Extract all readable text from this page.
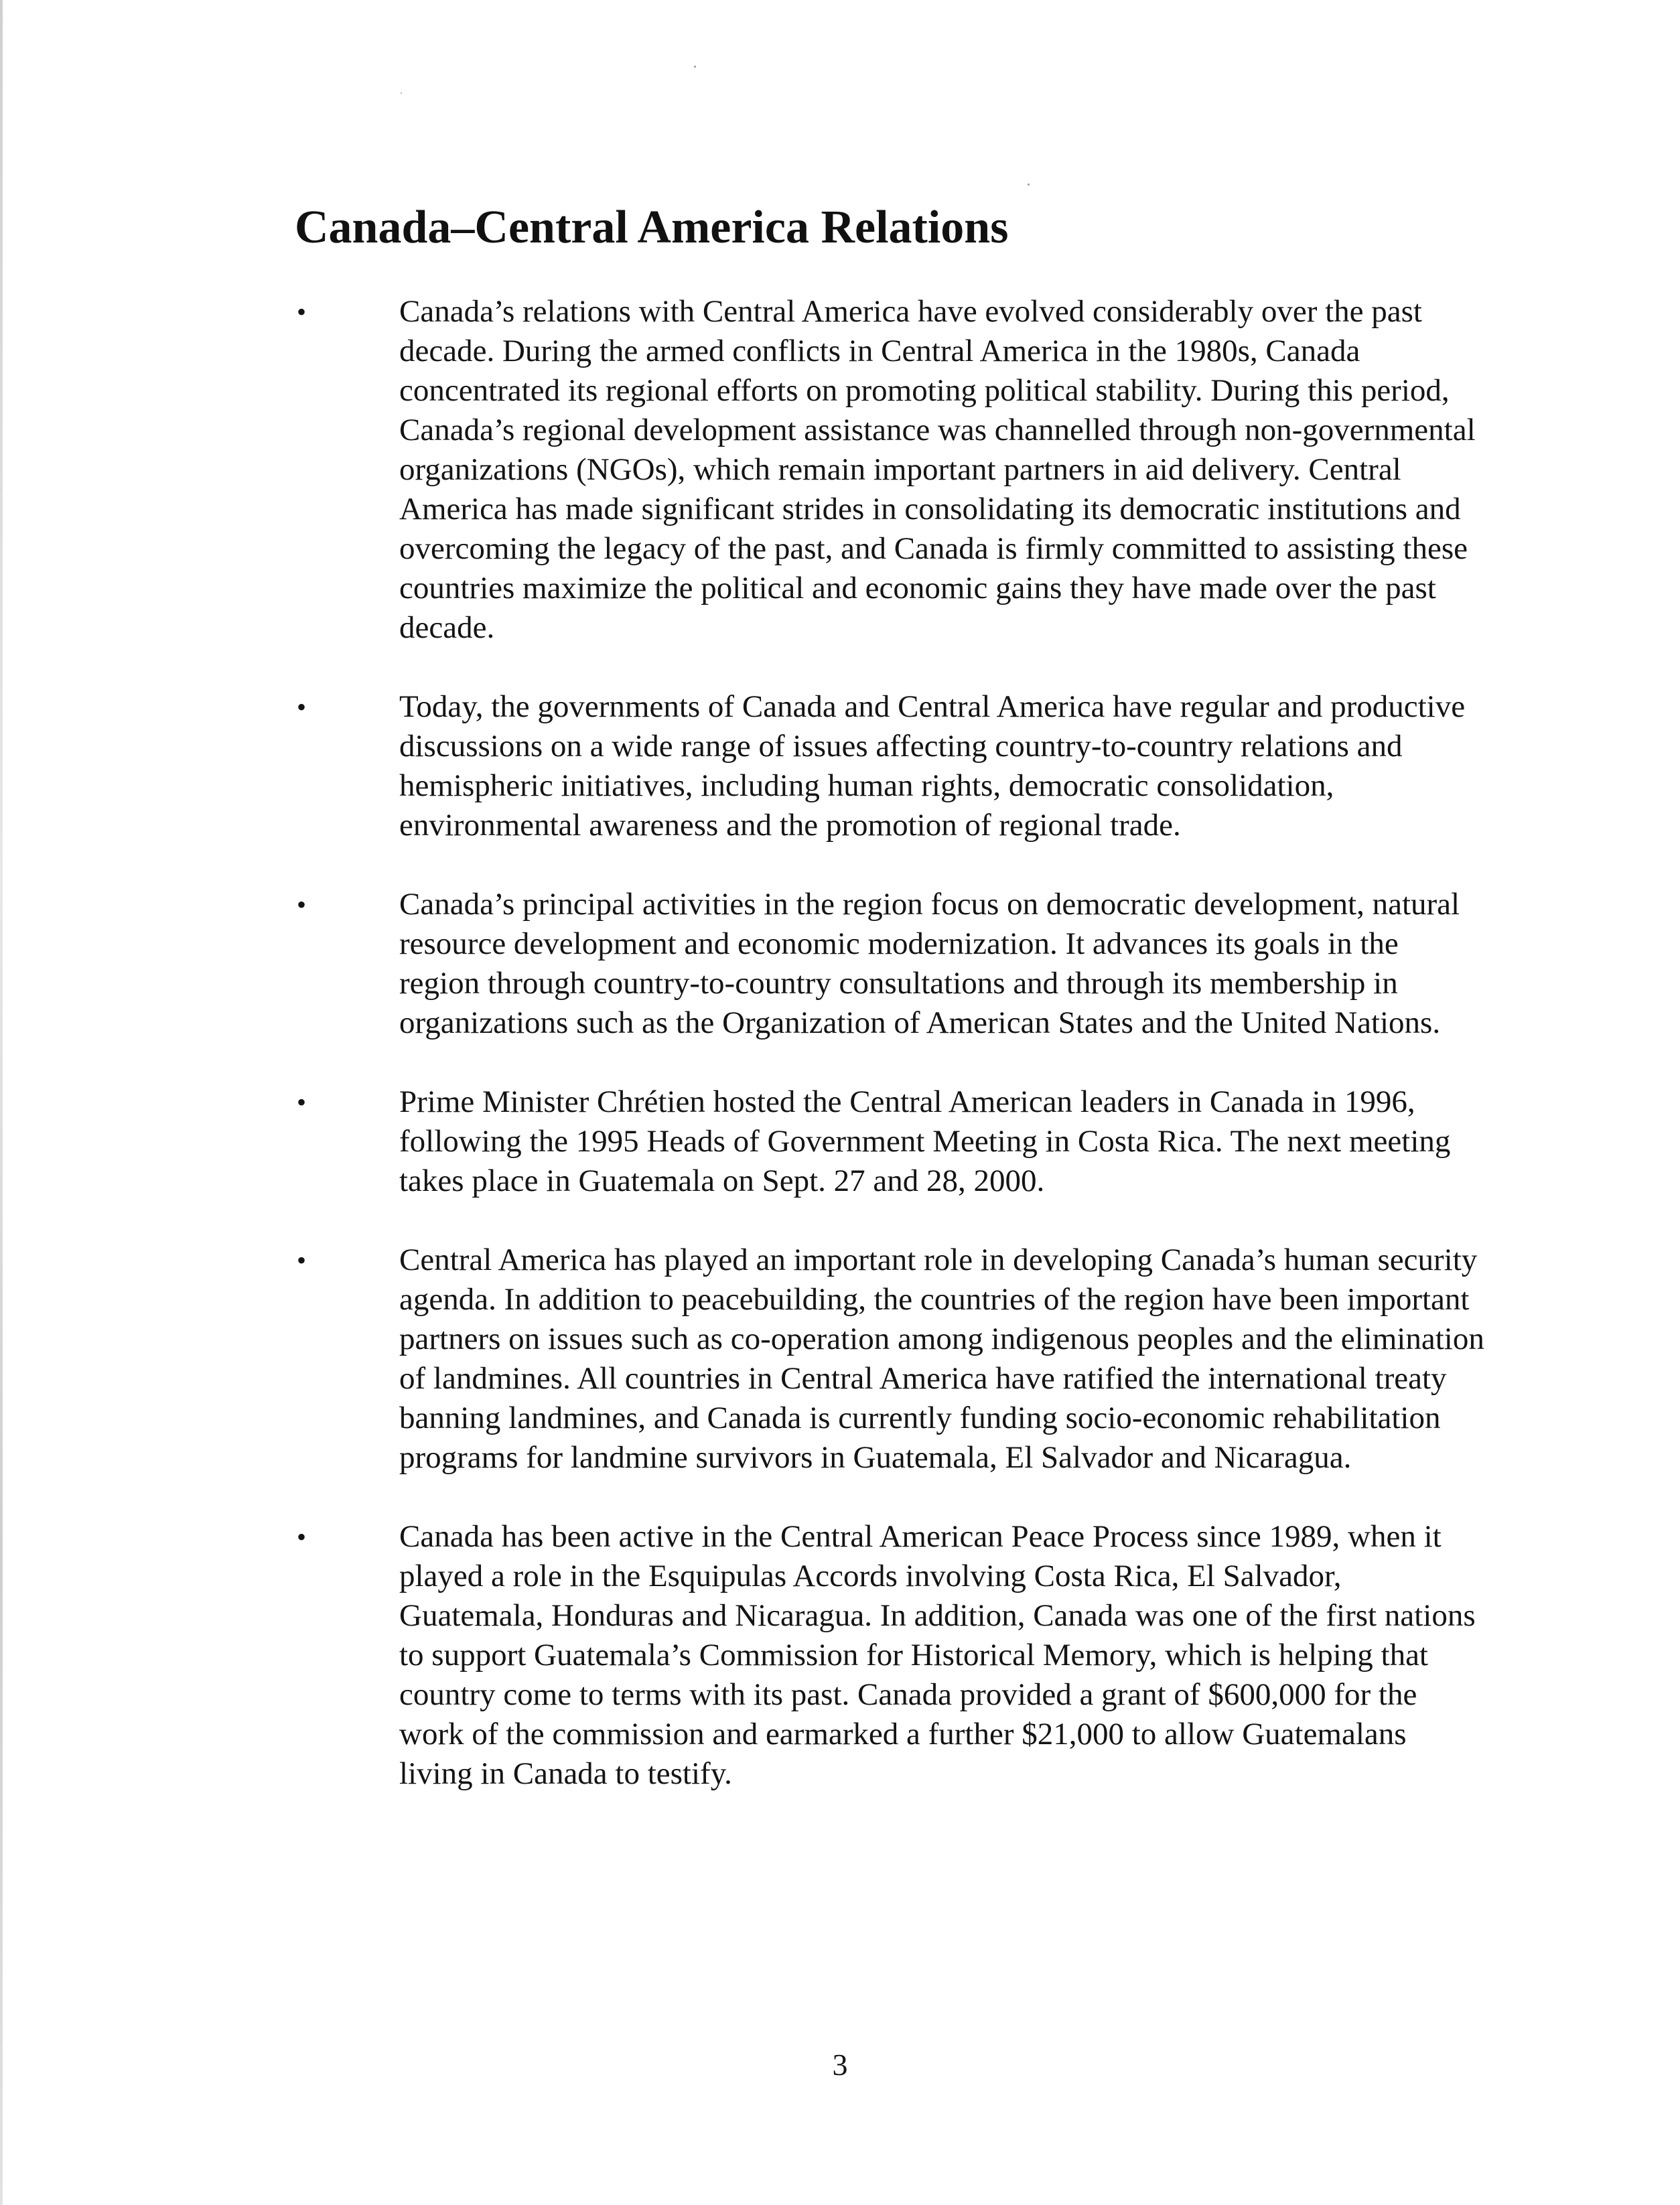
Canada–Central America Relations
•	Canada’s relations with Central America have evolved considerably over the past decade. During the armed conflicts in Central America in the 1980s, Canada concentrated its regional efforts on promoting political stability. During this period, Canada’s regional development assistance was channelled through non-governmental organizations (NGOs), which remain important partners in aid delivery. Central America has made significant strides in consolidating its democratic institutions and overcoming the legacy of the past, and Canada is firmly committed to assisting these countries maximize the political and economic gains they have made over the past decade.

•	Today, the governments of Canada and Central America have regular and productive discussions on a wide range of issues affecting country-to-country relations and hemispheric initiatives, including human rights, democratic consolidation, environmental awareness and the promotion of regional trade.

•	Canada’s principal activities in the region focus on democratic development, natural resource development and economic modernization. It advances its goals in the region through country-to-country consultations and through its membership in organizations such as the Organization of American States and the United Nations.

•	Prime Minister Chrétien hosted the Central American leaders in Canada in 1996, following the 1995 Heads of Government Meeting in Costa Rica. The next meeting takes place in Guatemala on Sept. 27 and 28, 2000.

•	Central America has played an important role in developing Canada’s human security agenda. In addition to peacebuilding, the countries of the region have been important partners on issues such as co-operation among indigenous peoples and the elimination of landmines. All countries in Central America have ratified the international treaty banning landmines, and Canada is currently funding socio-economic rehabilitation programs for landmine survivors in Guatemala, El Salvador and Nicaragua.

•	Canada has been active in the Central American Peace Process since 1989, when it played a role in the Esquipulas Accords involving Costa Rica, El Salvador, Guatemala, Honduras and Nicaragua. In addition, Canada was one of the first nations to support Guatemala’s Commission for Historical Memory, which is helping that country come to terms with its past. Canada provided a grant of $600,000 for the work of the commission and earmarked a further $21,000 to allow Guatemalans living in Canada to testify.

3
